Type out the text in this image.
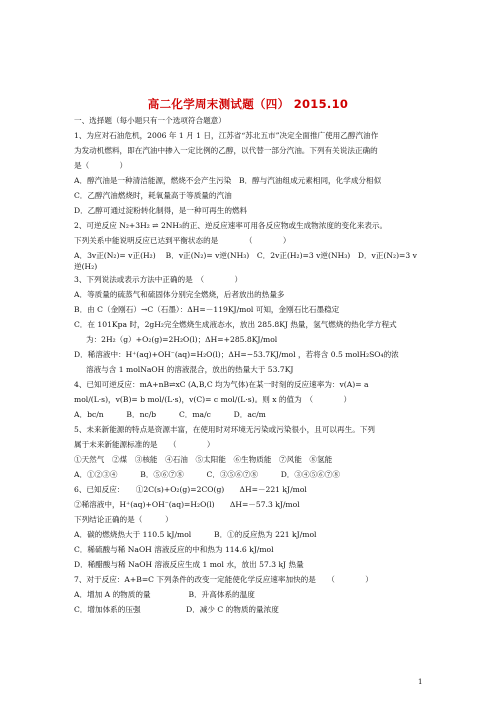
高二化学周末测试题（四） 2015.10
一、选择题（每小题只有一个选项符合题意）
1、为应对石油危机，2006 年 1 月 1 日，江苏省“苏北五市”决定全面推广使用乙醇汽油作
为发动机燃料，即在汽油中掺入一定比例的乙醇，以代替一部分汽油。下列有关说法正确的
是（　　　　）
A．醇汽油是一种清洁能源，燃烧不会产生污染　B．醇与汽油组成元素相同，化学成分相似
C．乙醇汽油燃烧时，耗氧量高于等质量的汽油
D．乙醇可通过淀粉转化制得，是一种可再生的燃料
2、可逆反应 N₂+3H₂ ⇌ 2NH₃的正、逆反应速率可用各反应物或生成物浓度的变化来表示。
下列关系中能说明反应已达到平衡状态的是　　　　（　　　　）
A．3v正(N₂)= v正(H₂)　 B．v正(N₂)= v逆(NH₃)　C．2v正(H₂)=3 v逆(NH₃)　D．v正(N₂)=3 v
逆(H₂)
3、下列说法或表示方法中正确的是　（　　　　）
A．等质量的硫蒸气和硫固体分别完全燃烧，后者放出的热量多
B．由 C（金刚石）→C（石墨）：ΔH=－119KJ/mol 可知，金刚石比石墨稳定
C．在 101Kpa 时，2gH₂完全燃烧生成液态水，放出 285.8KJ 热量，氢气燃烧的热化学方程式
为：2H₂（g）+O₂(g)=2H₂O(l)；ΔH=+285.8KJ/mol
D．稀溶液中：H⁺(aq)+OH⁻(aq)=H₂O(l)；ΔH=−53.7KJ/mol ，若将含 0.5 molH₂SO₄的浓
溶液与含 1 molNaOH 的溶液混合，放出的热量大于 53.7KJ
4、已知可逆反应：mA+nB⇌xC (A,B,C 均为气体)在某一时刻的反应速率为：v(A)= a
mol/(L·s)，v(B)= b mol/(L·s)，v(C)= c mol/(L·s)。则 x 的值为　（　　　　）
A．bc/n　　　B．nc/b　　　C．ma/c　　　D．ac/m
5、未来新能源的特点是资源丰富，在使用时对环境无污染或污染很小，且可以再生。下列
属于未来新能源标准的是　　（　　　　）
①天然气　②煤　③核能　④石油　⑤太阳能　⑥生物质能　⑦风能　⑧氢能
A．①②③④　　　B．⑤⑥⑦⑧　　　C．③⑤⑥⑦⑧　　　D．③④⑤⑥⑦⑧
6、已知反应：　　①2C(s)+O₂(g)=2CO(g)　　ΔH=－221 kJ/mol
②稀溶液中，H⁺(aq)+OH⁻(aq)=H₂O(l)　　ΔH=－57.3 kJ/mol
下列结论正确的是（　　　）
A．碳的燃烧热大于 110.5 kJ/mol　　　B．①的反应热为 221 kJ/mol
C．稀硫酸与稀 NaOH 溶液反应的中和热为 114.6 kJ/mol
D．稀醋酸与稀 NaOH 溶液反应生成 1 mol 水，放出 57.3 kJ 热量
7、对于反应：A+B=C 下列条件的改变一定能使化学反应速率加快的是　　（　　　　）
A．增加 A 的物质的量　　　　　B．升高体系的温度
C．增加体系的压强　　　　　　D．减少 C 的物质的量浓度
1
